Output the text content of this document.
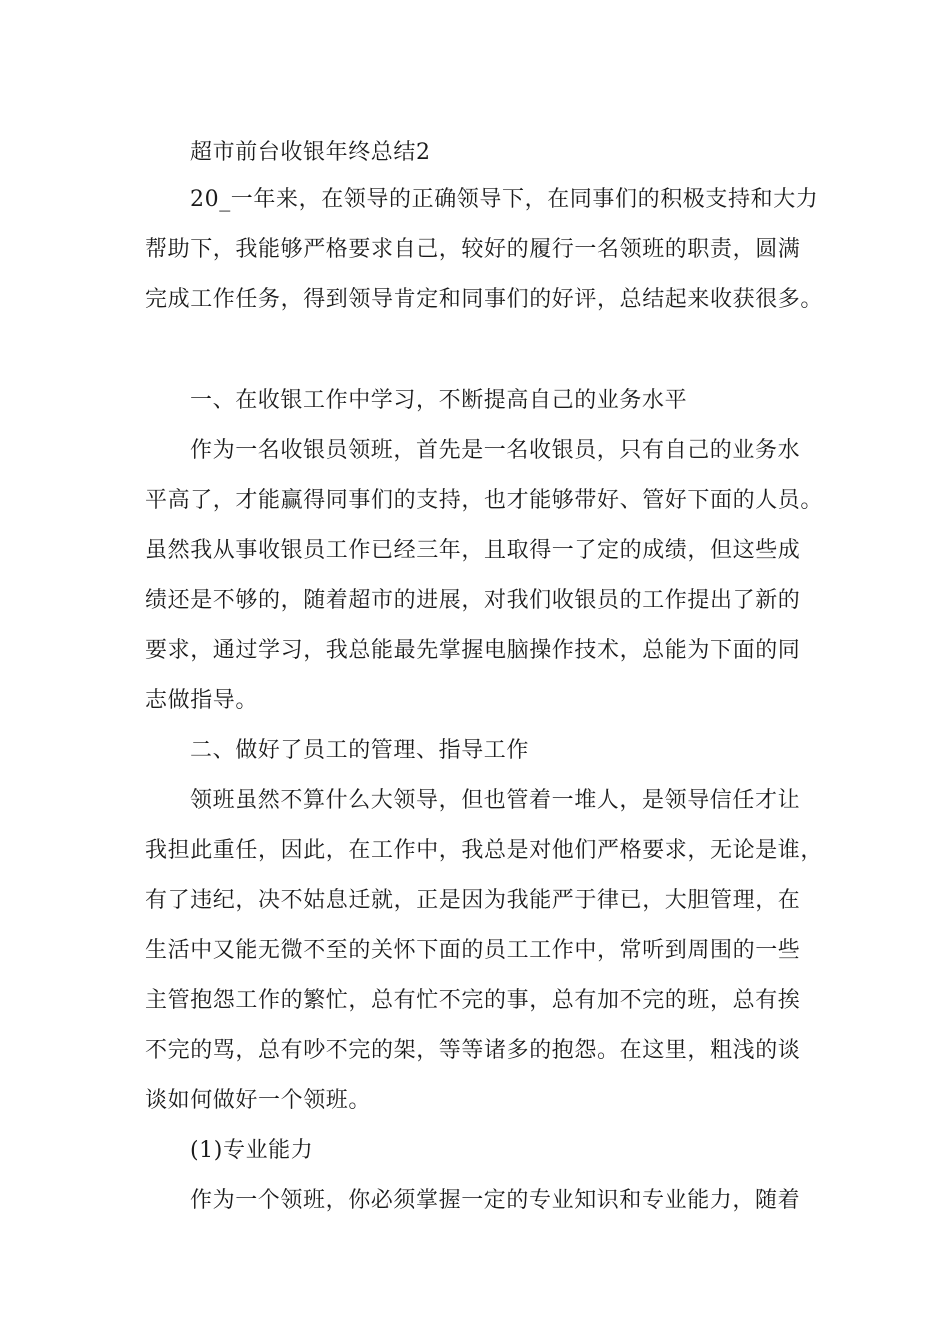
超市前台收银年终总结2
20_一年来，在领导的正确领导下，在同事们的积极支持和大力
帮助下，我能够严格要求自己，较好的履行一名领班的职责，圆满
完成工作任务，得到领导肯定和同事们的好评，总结起来收获很多。
一、在收银工作中学习，不断提高自己的业务水平
作为一名收银员领班，首先是一名收银员，只有自己的业务水
平高了，才能赢得同事们的支持，也才能够带好、管好下面的人员。
虽然我从事收银员工作已经三年，且取得一了定的成绩，但这些成
绩还是不够的，随着超市的进展，对我们收银员的工作提出了新的
要求，通过学习，我总能最先掌握电脑操作技术，总能为下面的同
志做指导。
二、做好了员工的管理、指导工作
领班虽然不算什么大领导，但也管着一堆人，是领导信任才让
我担此重任，因此，在工作中，我总是对他们严格要求，无论是谁，
有了违纪，决不姑息迁就，正是因为我能严于律已，大胆管理，在
生活中又能无微不至的关怀下面的员工工作中，常听到周围的一些
主管抱怨工作的繁忙，总有忙不完的事，总有加不完的班，总有挨
不完的骂，总有吵不完的架，等等诸多的抱怨。在这里，粗浅的谈
谈如何做好一个领班。
(1)专业能力
作为一个领班，你必须掌握一定的专业知识和专业能力，随着
